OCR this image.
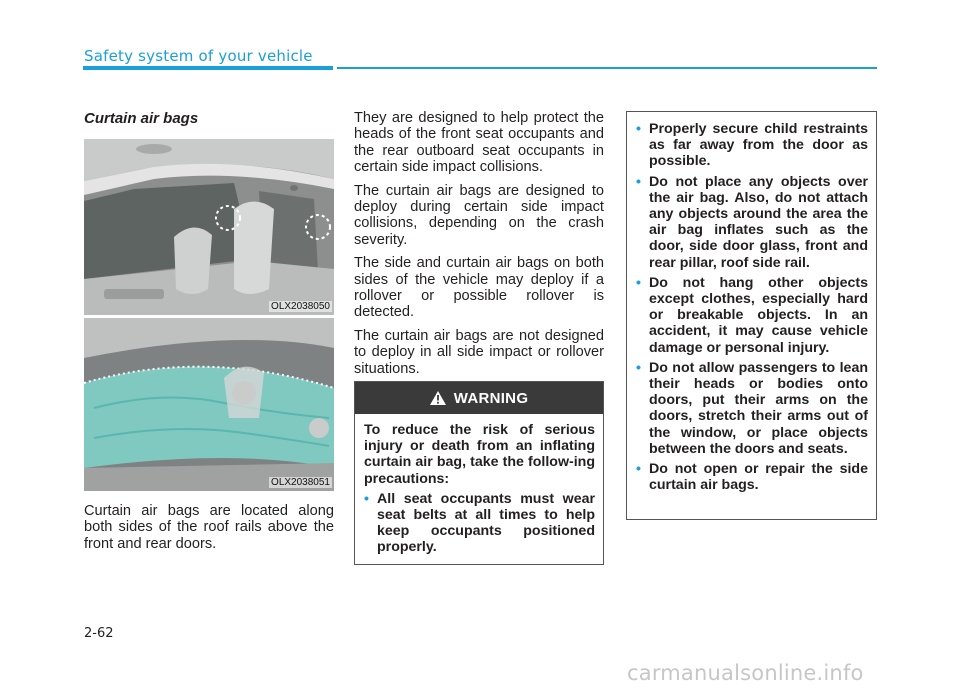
Safety system of your vehicle
Curtain air bags
OLX2038050
OLX2038051
Curtain air bags are located along both sides of the roof rails above the front and rear doors.

They are designed to help protect the heads of the front seat occupants and the rear outboard seat occupants in certain side impact collisions.

The curtain air bags are designed to deploy during certain side impact collisions, depending on the crash severity.

The side and curtain air bags on both sides of the vehicle may deploy if a rollover or possible rollover is detected.

The curtain air bags are not designed to deploy in all side impact or rollover situations.

WARNING
To reduce the risk of serious injury or death from an inflating curtain air bag, take the follow-ing precautions:
• All seat occupants must wear seat belts at all times to help keep occupants positioned properly.
• Properly secure child restraints as far away from the door as possible.
• Do not place any objects over the air bag. Also, do not attach any objects around the area the air bag inflates such as the door, side door glass, front and rear pillar, roof side rail.
• Do not hang other objects except clothes, especially hard or breakable objects. In an accident, it may cause vehicle damage or personal injury.
• Do not allow passengers to lean their heads or bodies onto doors, put their arms on the doors, stretch their arms out of the window, or place objects between the doors and seats.
• Do not open or repair the side curtain air bags.
2-62
carmanualsonline.info
